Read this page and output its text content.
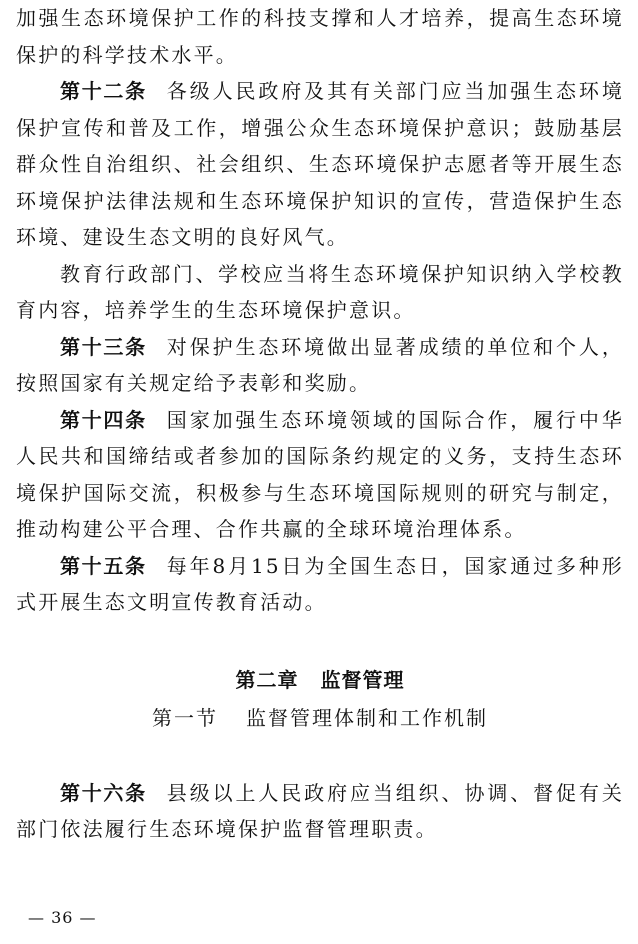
加强生态环境保护工作的科技支撑和人才培养，提高生态环境保护的科学技术水平。

第十二条 各级人民政府及其有关部门应当加强生态环境保护宣传和普及工作，增强公众生态环境保护意识；鼓励基层群众性自治组织、社会组织、生态环境保护志愿者等开展生态环境保护法律法规和生态环境保护知识的宣传，营造保护生态环境、建设生态文明的良好风气。

教育行政部门、学校应当将生态环境保护知识纳入学校教育内容，培养学生的生态环境保护意识。

第十三条 对保护生态环境做出显著成绩的单位和个人，按照国家有关规定给予表彰和奖励。

第十四条 国家加强生态环境领域的国际合作，履行中华人民共和国缔结或者参加的国际条约规定的义务，支持生态环境保护国际交流，积极参与生态环境国际规则的研究与制定，推动构建公平合理、合作共赢的全球环境治理体系。

第十五条 每年8月15日为全国生态日，国家通过多种形式开展生态文明宣传教育活动。

第二章 监督管理
第一节 监督管理体制和工作机制

第十六条 县级以上人民政府应当组织、协调、督促有关部门依法履行生态环境保护监督管理职责。

— 36 —
